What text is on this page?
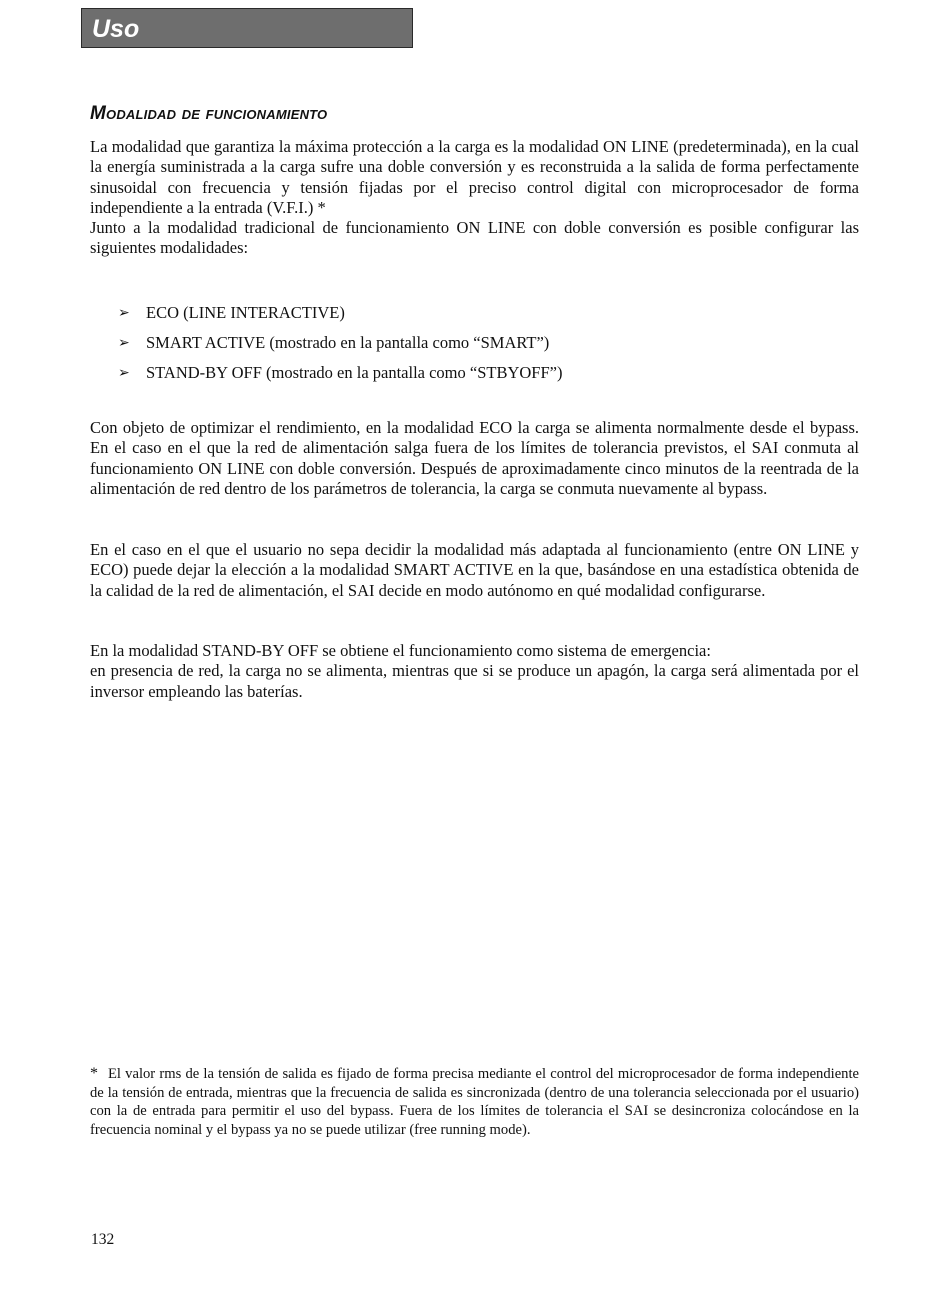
Uso
Modalidad de funcionamiento

La modalidad que garantiza la máxima protección a la carga es la modalidad ON LINE (predeterminada), en la cual la energía suministrada a la carga sufre una doble conversión y es reconstruida a la salida de forma perfectamente sinusoidal con frecuencia y tensión fijadas por el preciso control digital con microprocesador de forma independiente a la entrada (V.F.I.) *

Junto a la modalidad tradicional de funcionamiento ON LINE con doble conversión es posible configurar las siguientes modalidades:

➢ ECO (LINE INTERACTIVE)
➢ SMART ACTIVE (mostrado en la pantalla como “SMART”)
➢ STAND-BY OFF (mostrado en la pantalla como “STBYOFF”)

Con objeto de optimizar el rendimiento, en la modalidad ECO la carga se alimenta normalmente desde el bypass. En el caso en el que la red de alimentación salga fuera de los límites de tolerancia previstos, el SAI conmuta al funcionamiento ON LINE con doble conversión. Después de aproximadamente cinco minutos de la reentrada de la alimentación de red dentro de los parámetros de tolerancia, la carga se conmuta nuevamente al bypass.

En el caso en el que el usuario no sepa decidir la modalidad más adaptada al funcionamiento (entre ON LINE y ECO) puede dejar la elección a la modalidad SMART ACTIVE en la que, basándose en una estadística obtenida de la calidad de la red de alimentación, el SAI decide en modo autónomo en qué modalidad configurarse.

En la modalidad STAND-BY OFF se obtiene el funcionamiento como sistema de emergencia:

en presencia de red, la carga no se alimenta, mientras que si se produce un apagón, la carga será alimentada por el inversor empleando las baterías.

* El valor rms de la tensión de salida es fijado de forma precisa mediante el control del microprocesador de forma independiente de la tensión de entrada, mientras que la frecuencia de salida es sincronizada (dentro de una tolerancia seleccionada por el usuario) con la de entrada para permitir el uso del bypass. Fuera de los límites de tolerancia el SAI se desincroniza colocándose en la frecuencia nominal y el bypass ya no se puede utilizar (free running mode).

132
